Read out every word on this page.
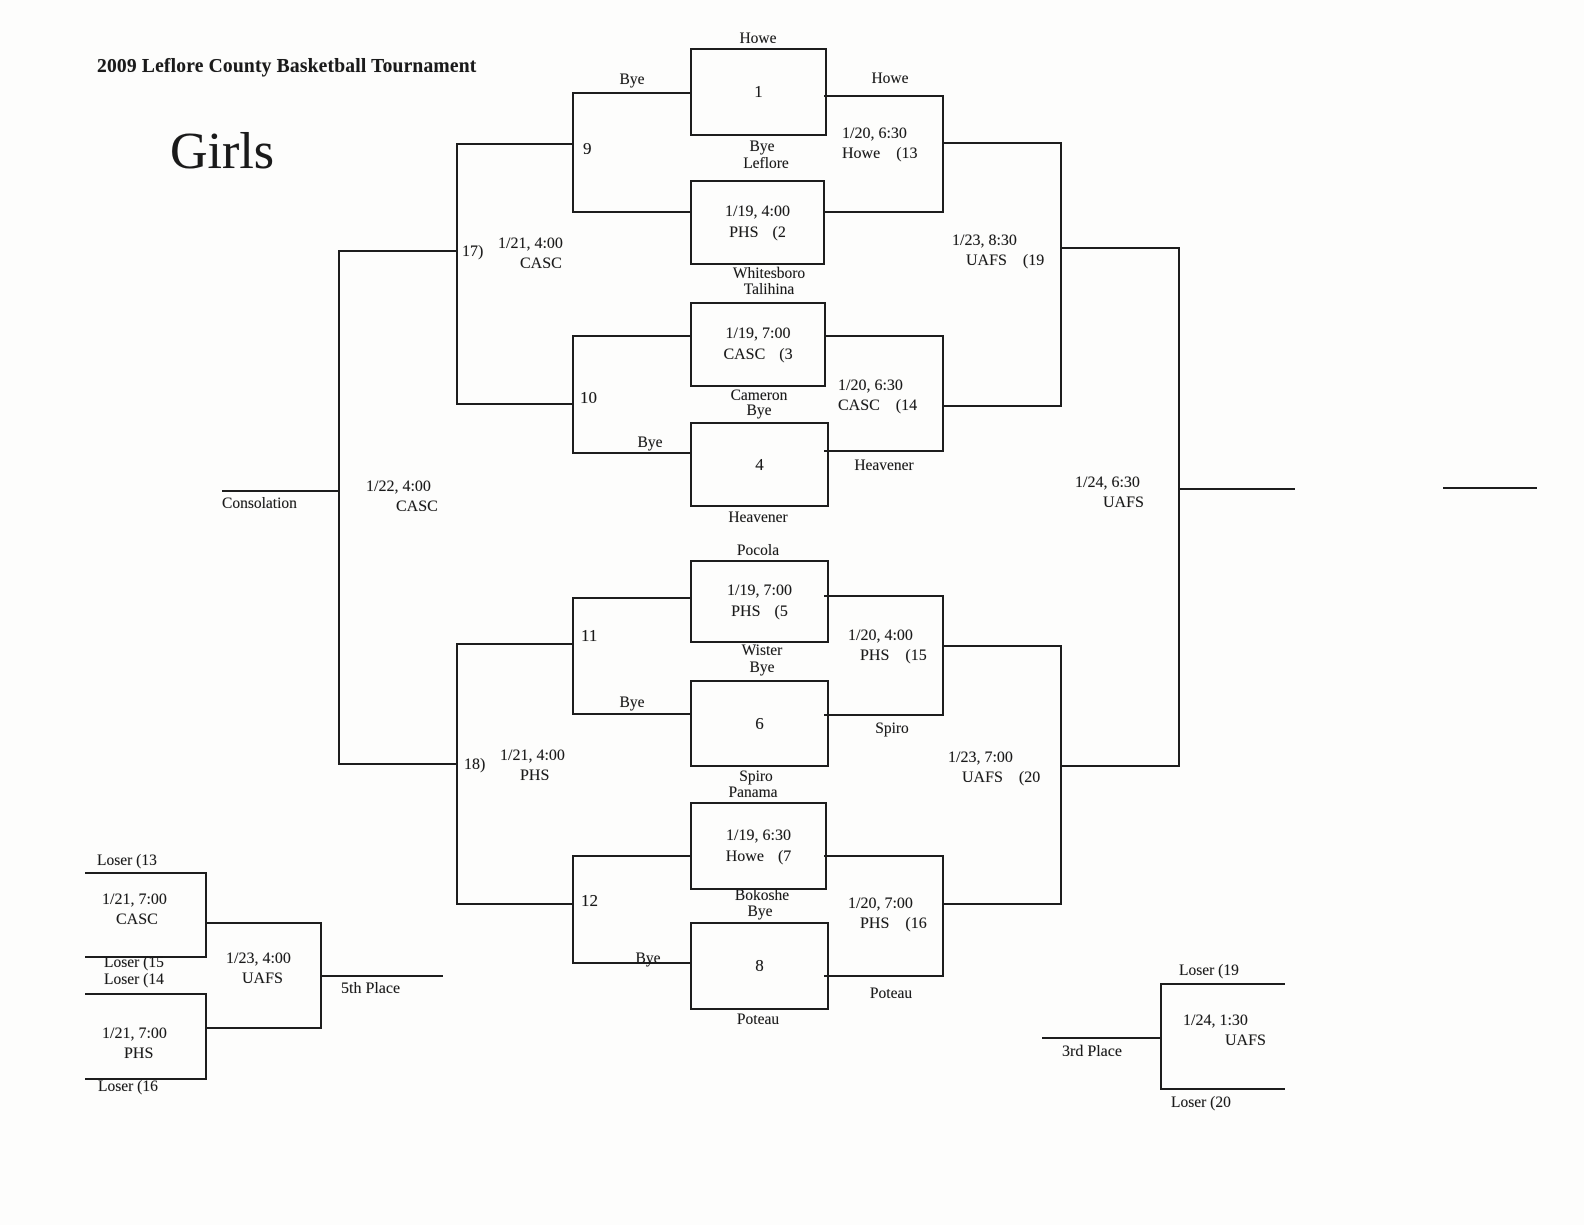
2009 Leflore County Basketball Tournament
Girls
Howe
Bye
Leflore
Whitesboro
Talihina
Cameron
Bye
Heavener
Pocola
Wister
Bye
Spiro
Panama
Bokoshe
Bye
Poteau
1
1/19, 4:00
PHS (2
1/19, 7:00
CASC (3
4
1/19, 7:00
PHS (5
6
1/19, 6:30
Howe (7
8
Bye
Bye
Bye
Bye
9
10
11
12
17) 1/21, 4:00
CASC
18)
1/21, 4:00
PHS
Consolation
1/22, 4:00
CASC
Howe
Heavener
Spiro
Poteau
1/20, 6:30
Howe (13
1/20, 6:30
CASC (14
1/20, 4:00
PHS (15
1/20, 7:00
PHS (16
1/23, 8:30
UAFS (19
1/23, 7:00
UAFS (20
1/24, 6:30
UAFS
Loser (13
1/21, 7:00
CASC
Loser (15
Loser (14
1/21, 7:00
PHS
Loser (16
1/23, 4:00
UAFS
5th Place
Loser (19
1/24, 1:30
UAFS
3rd Place
Loser (20
